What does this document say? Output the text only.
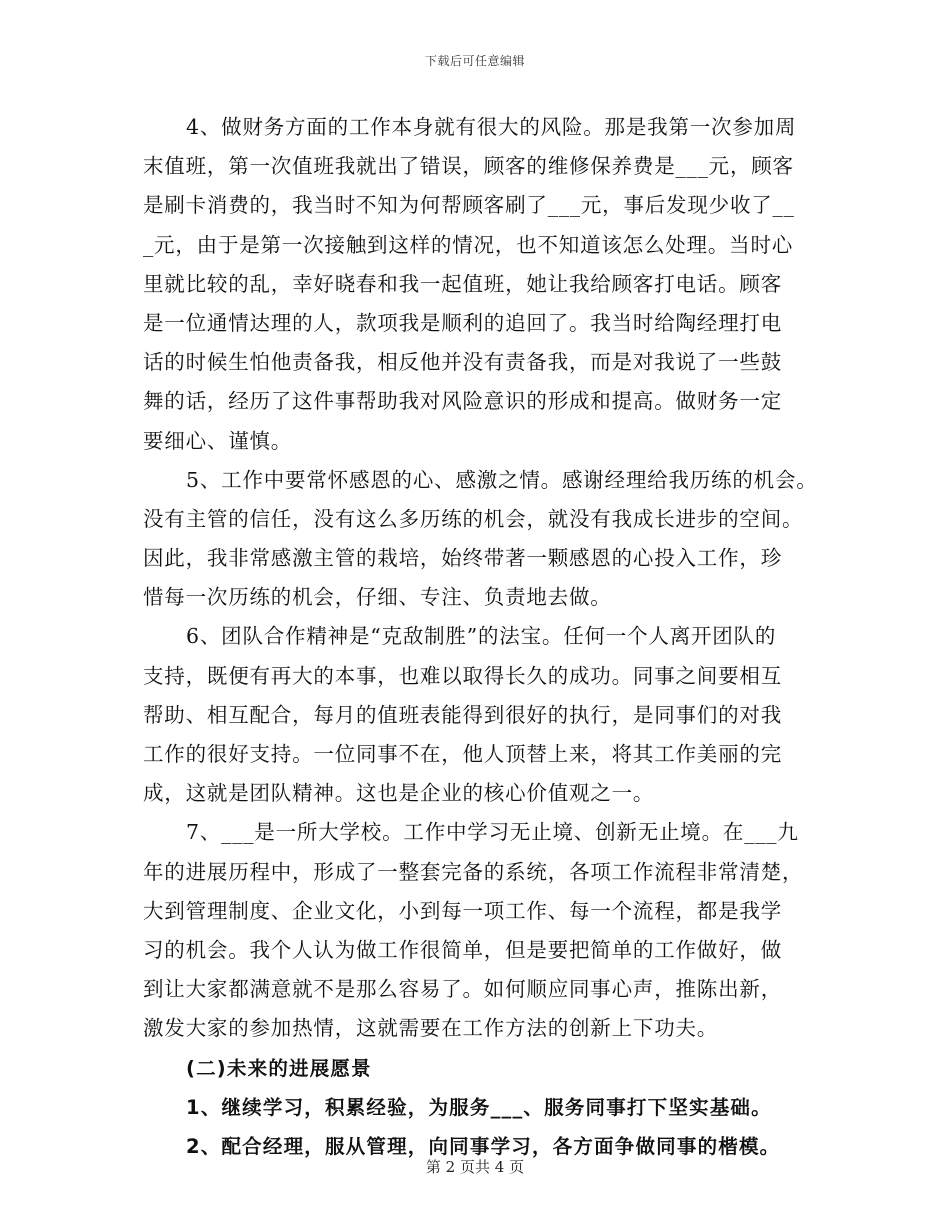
下载后可任意编辑
4、做财务方面的工作本身就有很大的风险。那是我第一次参加周
末值班，第一次值班我就出了错误，顾客的维修保养费是___元，顾客
是刷卡消费的，我当时不知为何帮顾客刷了___元，事后发现少收了__
_元，由于是第一次接触到这样的情况，也不知道该怎么处理。当时心
里就比较的乱，幸好晓春和我一起值班，她让我给顾客打电话。顾客
是一位通情达理的人，款项我是顺利的追回了。我当时给陶经理打电
话的时候生怕他责备我，相反他并没有责备我，而是对我说了一些鼓
舞的话，经历了这件事帮助我对风险意识的形成和提高。做财务一定
要细心、谨慎。
5、工作中要常怀感恩的心、感激之情。感谢经理给我历练的机会。
没有主管的信任，没有这么多历练的机会，就没有我成长进步的空间。
因此，我非常感激主管的栽培，始终带著一颗感恩的心投入工作，珍
惜每一次历练的机会，仔细、专注、负责地去做。
6、团队合作精神是“克敌制胜”的法宝。任何一个人离开团队的
支持，既便有再大的本事，也难以取得长久的成功。同事之间要相互
帮助、相互配合，每月的值班表能得到很好的执行，是同事们的对我
工作的很好支持。一位同事不在，他人顶替上来，将其工作美丽的完
成，这就是团队精神。这也是企业的核心价值观之一。
7、___是一所大学校。工作中学习无止境、创新无止境。在___九
年的进展历程中，形成了一整套完备的系统，各项工作流程非常清楚，
大到管理制度、企业文化，小到每一项工作、每一个流程，都是我学
习的机会。我个人认为做工作很简单，但是要把简单的工作做好，做
到让大家都满意就不是那么容易了。如何顺应同事心声，推陈出新，
激发大家的参加热情，这就需要在工作方法的创新上下功夫。
(二)未来的进展愿景
1、继续学习，积累经验，为服务___、服务同事打下坚实基础。
2、配合经理，服从管理，向同事学习，各方面争做同事的楷模。
第 2 页共 4 页
